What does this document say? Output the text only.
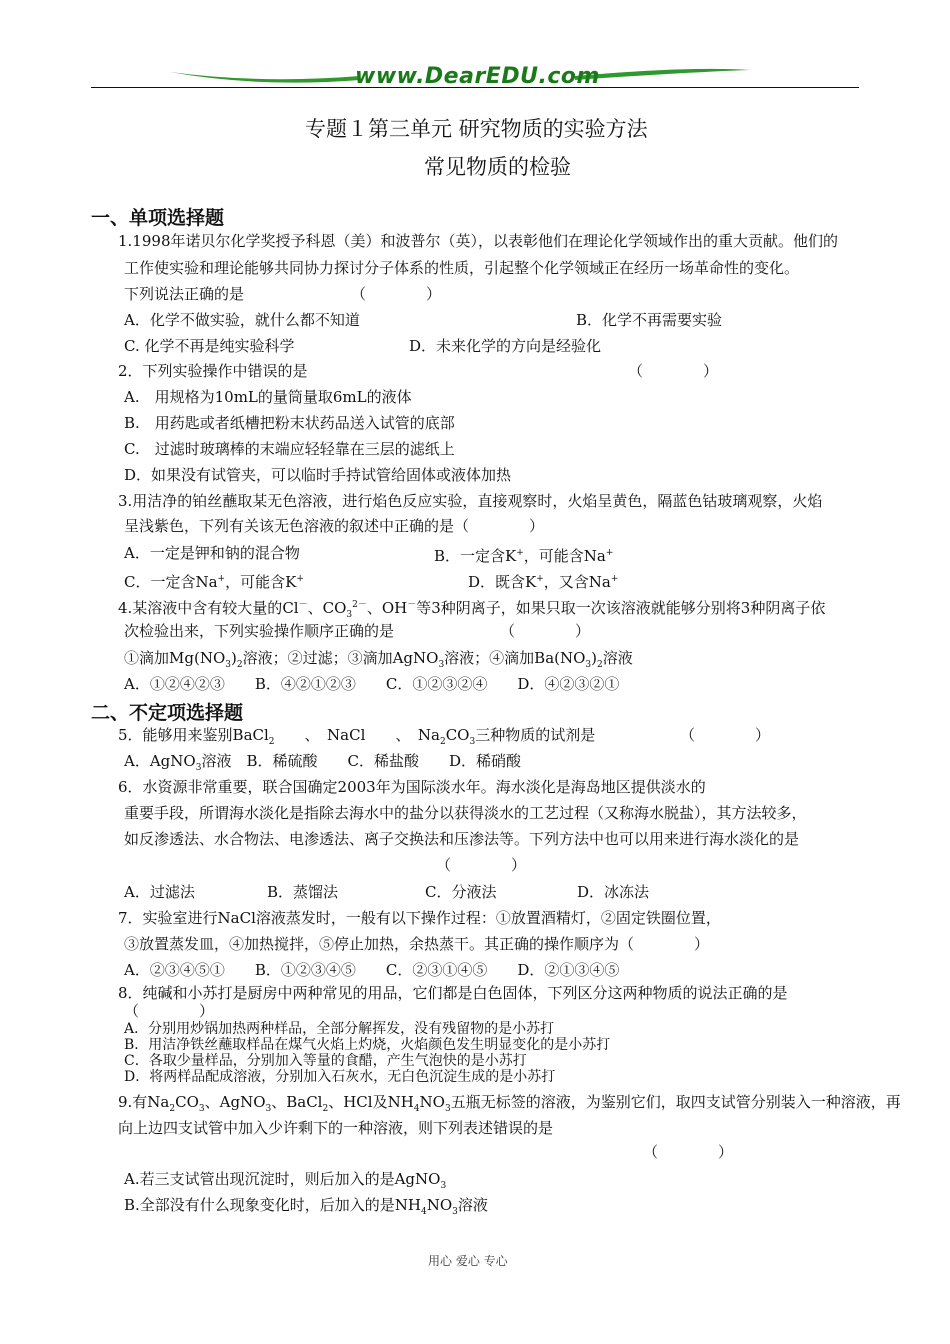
www.DearEDU.com
专题１第三单元 研究物质的实验方法
常见物质的检验
一、单项选择题
1.1998年诺贝尔化学奖授予科恩（美）和波普尔（英），以表彰他们在理论化学领域作出的重大贡献。他们的
工作使实验和理论能够共同协力探讨分子体系的性质，引起整个化学领域正在经历一场革命性的变化。
下列说法正确的是	（　　　　）
A．化学不做实验，就什么都不知道	B．化学不再需要实验
C. 化学不再是纯实验科学	D．未来化学的方向是经验化
2．下列实验操作中错误的是	（　　　　）
A.　用规格为10mL的量筒量取6mL的液体
B.　用药匙或者纸槽把粉末状药品送入试管的底部
C.　过滤时玻璃棒的末端应轻轻靠在三层的滤纸上
D．如果没有试管夹，可以临时手持试管给固体或液体加热
3.用洁净的铂丝蘸取某无色溶液，进行焰色反应实验，直接观察时，火焰呈黄色，隔蓝色钴玻璃观察，火焰
呈浅紫色，下列有关该无色溶液的叙述中正确的是（　　　　）
A．一定是钾和钠的混合物	B．一定含K+，可能含Na+
C．一定含Na+，可能含K+	D．既含K+，又含Na+
4.某溶液中含有较大量的Cl－、$CO_3^{2-}$、OH－等3种阴离子，如果只取一次该溶液就能够分别将3种阴离子依
次检验出来，下列实验操作顺序正确的是	（　　　　）
①滴加$Mg(NO_3)_2$溶液；②过滤；③滴加AgNO$_3$溶液；④滴加$Ba(NO_3)_2$溶液
A．①②④②③　　B．④②①②③　　C．①②③②④　　D．④②③②①
二、不定项选择题
5．能够用来鉴别BaCl$_2$　　、　NaCl　　、　$Na_2CO_3$三种物质的试剂是	（　　　　）
A．AgNO$_3$溶液　 B．稀硫酸　　C．稀盐酸　　D．稀硝酸
6．水资源非常重要，联合国确定2003年为国际淡水年。海水淡化是海岛地区提供淡水的
重要手段，所谓海水淡化是指除去海水中的盐分以获得淡水的工艺过程（又称海水脱盐），其方法较多，
如反渗透法、水合物法、电渗透法、离子交换法和压渗法等。下列方法中也可以用来进行海水淡化的是
（　　　　）
A．过滤法	B．蒸馏法	C．分液法	D．冰冻法
7．实验室进行NaCl溶液蒸发时，一般有以下操作过程：①放置酒精灯，②固定铁圈位置，
③放置蒸发皿，④加热搅拌，⑤停止加热，余热蒸干。其正确的操作顺序为（　　　　）
A．②③④⑤①　　B．①②③④⑤　　C．②③①④⑤　　D．②①③④⑤
8．纯碱和小苏打是厨房中两种常见的用品，它们都是白色固体，下列区分这两种物质的说法正确的是
（　　　　）
A．分别用炒锅加热两种样品，全部分解挥发，没有残留物的是小苏打
B．用洁净铁丝蘸取样品在煤气火焰上灼烧，火焰颜色发生明显变化的是小苏打
C．各取少量样品，分别加入等量的食醋，产生气泡快的是小苏打
D．将两样品配成溶液，分别加入石灰水，无白色沉淀生成的是小苏打
9.有$Na_2CO_3$、AgNO$_3$、BaCl$_2$、HCl及$NH_4NO_3$五瓶无标签的溶液，为鉴别它们，取四支试管分别装入一种溶液，再
向上边四支试管中加入少许剩下的一种溶液，则下列表述错误的是
（　　　　）
A.若三支试管出现沉淀时，则后加入的是AgNO$_3$
B.全部没有什么现象变化时，后加入的是$NH_4NO_3$溶液
用心 爱心 专心
